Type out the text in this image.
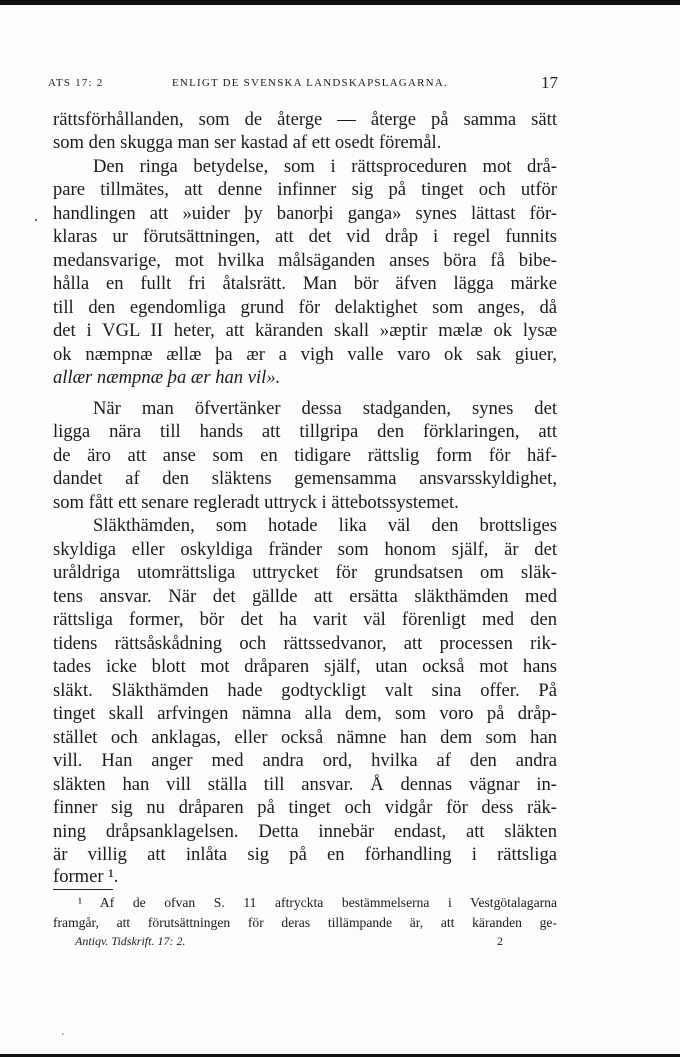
ATS 17: 2	ENLIGT DE SVENSKA LANDSKAPSLAGARNA.	17
.
rättsförhållanden, som de återge — återge på samma sätt
som den skugga man ser kastad af ett osedt föremål.
Den ringa betydelse, som i rättsproceduren mot drå-
pare tillmätes, att denne infinner sig på tinget och utför
handlingen att »uider þy banorþi ganga» synes lättast för-
klaras ur förutsättningen, att det vid dråp i regel funnits
medansvarige, mot hvilka målsäganden anses böra få bibe-
hålla en fullt fri åtalsrätt. Man bör äfven lägga märke
till den egendomliga grund för delaktighet som anges, då
det i VGL II heter, att käranden skall »æptir mælæ ok lysæ
ok næmpnæ ællæ þa ær a vigh valle varo ok sak giuer,
allær næmpnæ þa ær han vil».
När man öfvertänker dessa stadganden, synes det
ligga nära till hands att tillgripa den förklaringen, att
de äro att anse som en tidigare rättslig form för häf-
dandet af den släktens gemensamma ansvarsskyldighet,
som fått ett senare regleradt uttryck i ättebotssystemet.
Släkthämden, som hotade lika väl den brottsliges
skyldiga eller oskyldiga fränder som honom själf, är det
uråldriga utomrättsliga uttrycket för grundsatsen om släk-
tens ansvar. När det gällde att ersätta släkthämden med
rättsliga former, bör det ha varit väl förenligt med den
tidens rättsåskådning och rättssedvanor, att processen rik-
tades icke blott mot dråparen själf, utan också mot hans
släkt. Släkthämden hade godtyckligt valt sina offer. På
tinget skall arfvingen nämna alla dem, som voro på dråp-
stället och anklagas, eller också nämne han dem som han
vill. Han anger med andra ord, hvilka af den andra
släkten han vill ställa till ansvar. Å dennas vägnar in-
finner sig nu dråparen på tinget och vidgår för dess räk-
ning dråpsanklagelsen. Detta innebär endast, att släkten
är villig att inlåta sig på en förhandling i rättsliga
former ¹.
¹ Af de ofvan S. 11 aftryckta bestämmelserna i Vestgötalagarna
framgår, att förutsättningen för deras tillämpande är, att käranden ge-
Antiqv. Tidskrift. 17: 2.	2
'
